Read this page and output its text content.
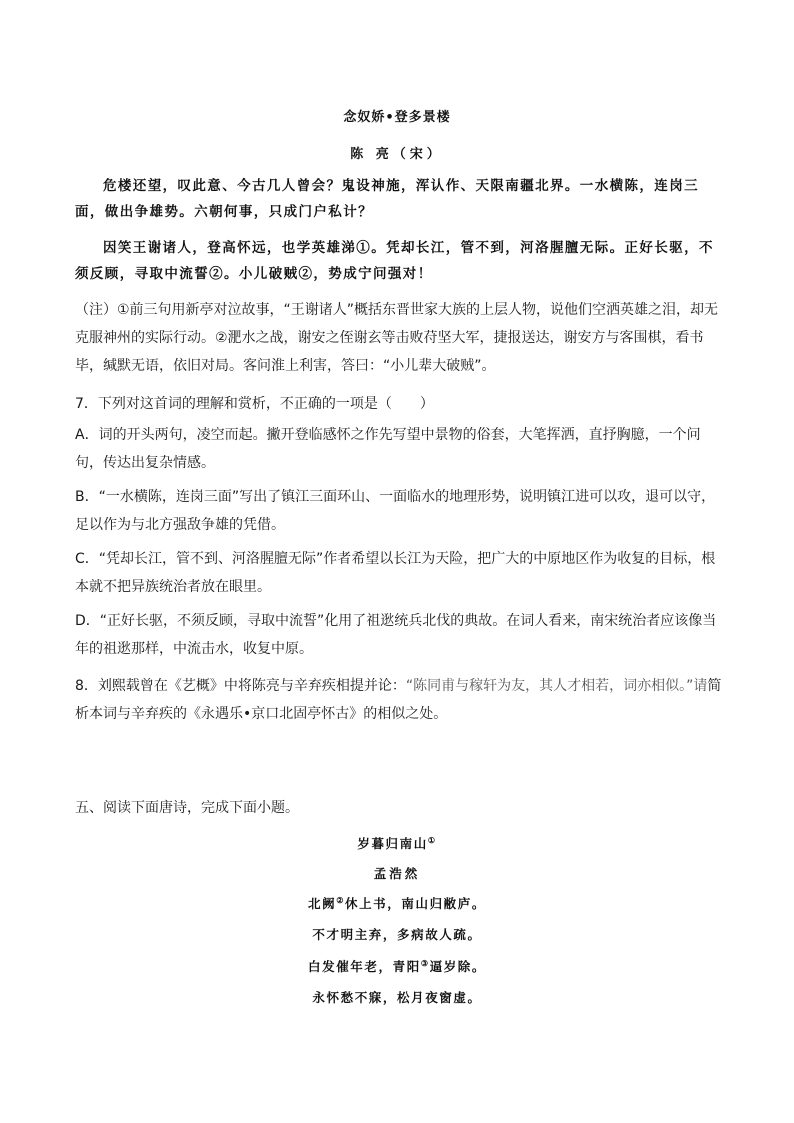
念奴娇•登多景楼
陈 亮（宋）
危楼还望，叹此意、今古几人曾会？鬼设神施，浑认作、天限南疆北界。一水横陈，连岗三面，做出争雄势。六朝何事，只成门户私计？
因笑王谢诸人，登高怀远，也学英雄涕①。凭却长江，管不到，河洛腥膻无际。正好长驱，不须反顾，寻取中流誓②。小儿破贼②，势成宁问强对！
（注）①前三句用新亭对泣故事，“王谢诸人”概括东晋世家大族的上层人物，说他们空洒英雄之泪，却无克服神州的实际行动。②淝水之战，谢安之侄谢玄等击败苻坚大军，捷报送达，谢安方与客围棋，看书毕，缄默无语，依旧对局。客问淮上利害，答曰：“小儿辈大破贼”。
7．下列对这首词的理解和赏析，不正确的一项是（　　）
A．词的开头两句，凌空而起。撇开登临感怀之作先写望中景物的俗套，大笔挥洒，直抒胸臆，一个问句，传达出复杂情感。
B．“一水横陈，连岗三面”写出了镇江三面环山、一面临水的地理形势，说明镇江进可以攻，退可以守，足以作为与北方强敌争雄的凭借。
C．“凭却长江，管不到、河洛腥膻无际”作者希望以长江为天险，把广大的中原地区作为收复的目标，根本就不把异族统治者放在眼里。
D．“正好长驱，不须反顾，寻取中流誓”化用了祖逖统兵北伐的典故。在词人看来，南宋统治者应该像当年的祖逖那样，中流击水，收复中原。
8．刘熙载曾在《艺概》中将陈亮与辛弃疾相提并论：“陈同甫与稼轩为友，其人才相若，词亦相似。”请简析本词与辛弃疾的《永遇乐•京口北固亭怀古》的相似之处。
五、阅读下面唐诗，完成下面小题。
岁暮归南山①
孟浩然
北阙②休上书，南山归敝庐。
不才明主弃，多病故人疏。
白发催年老，青阳③逼岁除。
永怀愁不寐，松月夜窗虚。
